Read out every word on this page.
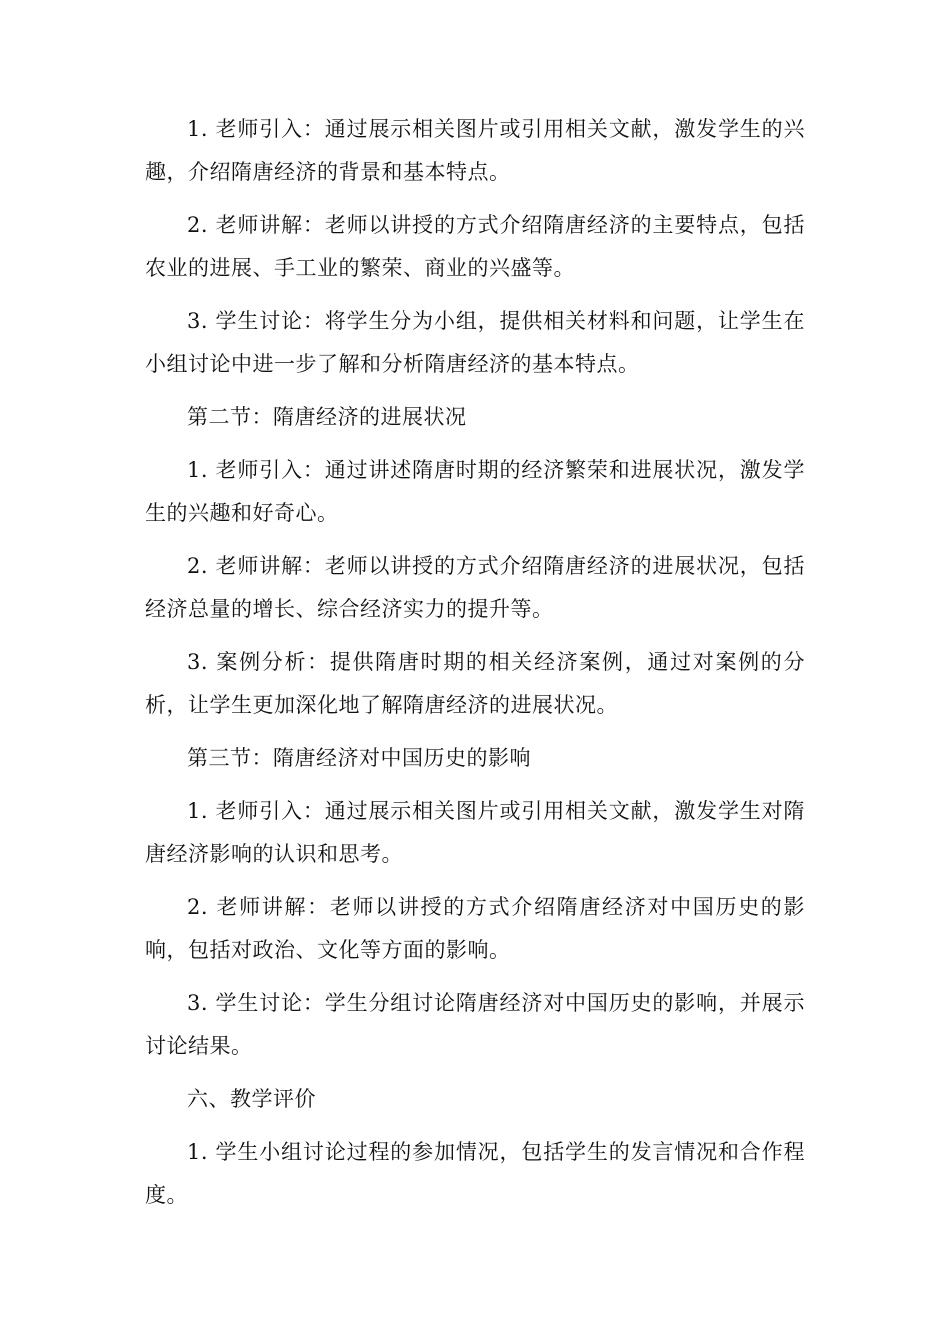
1. 老师引入：通过展示相关图片或引用相关文献，激发学生的兴趣，介绍隋唐经济的背景和基本特点。

2. 老师讲解：老师以讲授的方式介绍隋唐经济的主要特点，包括农业的进展、手工业的繁荣、商业的兴盛等。

3. 学生讨论：将学生分为小组，提供相关材料和问题，让学生在小组讨论中进一步了解和分析隋唐经济的基本特点。

第二节：隋唐经济的进展状况

1. 老师引入：通过讲述隋唐时期的经济繁荣和进展状况，激发学生的兴趣和好奇心。

2. 老师讲解：老师以讲授的方式介绍隋唐经济的进展状况，包括经济总量的增长、综合经济实力的提升等。

3. 案例分析：提供隋唐时期的相关经济案例，通过对案例的分析，让学生更加深化地了解隋唐经济的进展状况。

第三节：隋唐经济对中国历史的影响

1. 老师引入：通过展示相关图片或引用相关文献，激发学生对隋唐经济影响的认识和思考。

2. 老师讲解：老师以讲授的方式介绍隋唐经济对中国历史的影响，包括对政治、文化等方面的影响。

3. 学生讨论：学生分组讨论隋唐经济对中国历史的影响，并展示讨论结果。

六、教学评价

1. 学生小组讨论过程的参加情况，包括学生的发言情况和合作程度。
